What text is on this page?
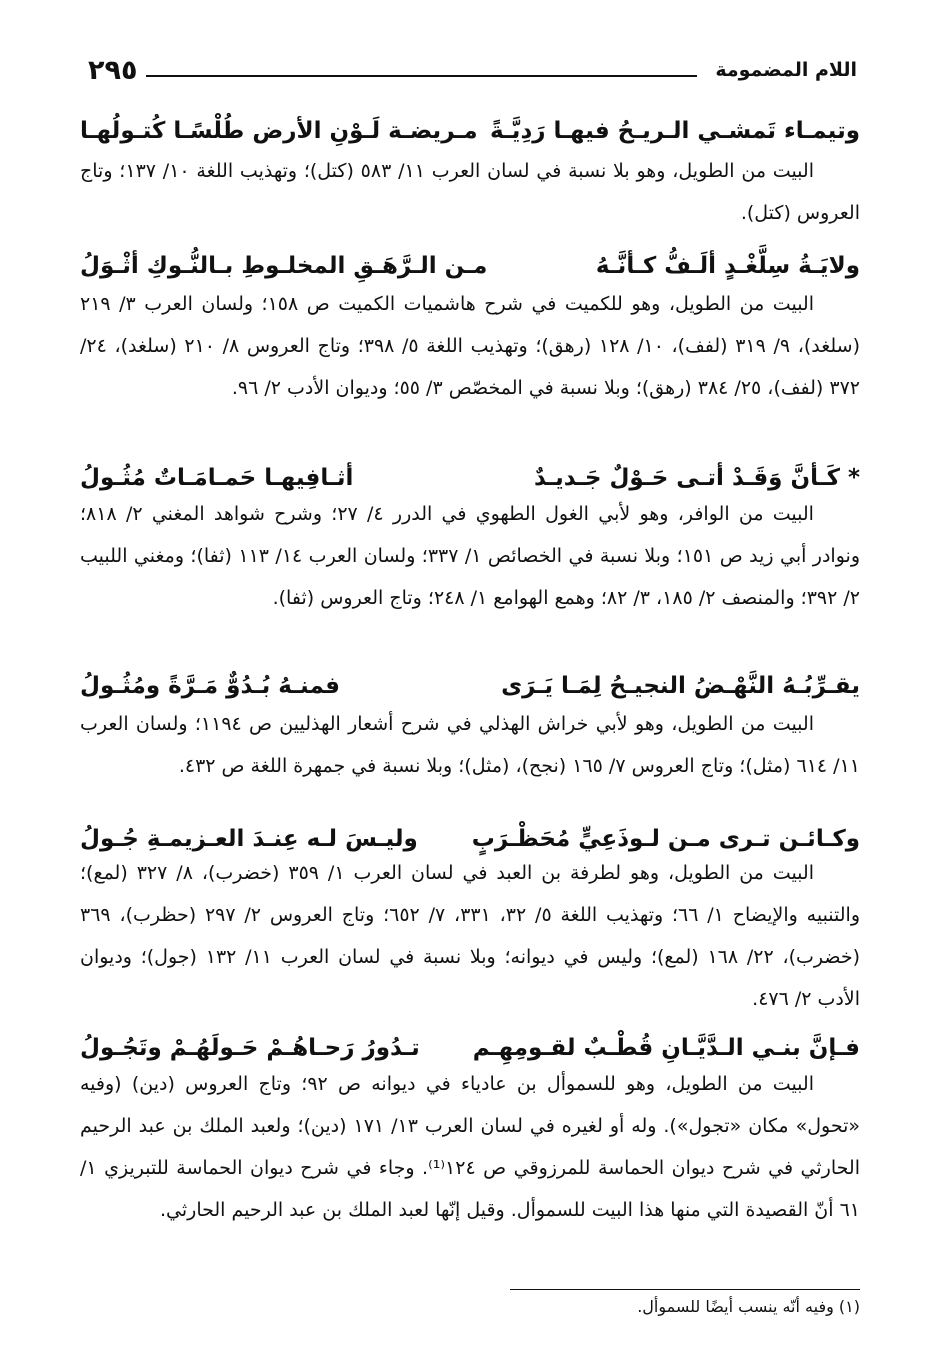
اللام المضمومة
٢٩٥
وتيمـاء تَمشـي الـريـحُ فيهـا رَدِيَّـةً
مـريضـة لَـوْنِ الأرض طُلْسًـا كُتـولُهـا
البيت من الطويل، وهو بلا نسبة في لسان العرب ١١/ ٥٨٣ (كتل)؛ وتهذيب اللغة ١٠/ ١٣٧؛ وتاج العروس (كتل).
ولايَـةُ سِلَّغْـدٍ ألَـفُّ كـأنَّـهُ
مـن الـرَّهَـقِ المخلـوطِ بـالنُّـوكِ أثْـوَلُ
البيت من الطويل، وهو للكميت في شرح هاشميات الكميت ص ١٥٨؛ ولسان العرب ٣/ ٢١٩ (سلغد)، ٩/ ٣١٩ (لفف)، ١٠/ ١٢٨ (رهق)؛ وتهذيب اللغة ٥/ ٣٩٨؛ وتاج العروس ٨/ ٢١٠ (سلغد)، ٢٤/ ٣٧٢ (لفف)، ٢٥/ ٣٨٤ (رهق)؛ وبلا نسبة في المخصّص ٣/ ٥٥؛ وديوان الأدب ٢/ ٩٦.
*كَـأنَّ وَقَـدْ أتـى حَـوْلٌ جَـديـدٌ
أثـافِيهـا حَمـامَـاتٌ مُثُـولُ
البيت من الوافر، وهو لأبي الغول الطهوي في الدرر ٤/ ٢٧؛ وشرح شواهد المغني ٢/ ٨١٨؛ ونوادر أبي زيد ص ١٥١؛ وبلا نسبة في الخصائص ١/ ٣٣٧؛ ولسان العرب ١٤/ ١١٣ (ثفا)؛ ومغني اللبيب ٢/ ٣٩٢؛ والمنصف ٢/ ١٨٥، ٣/ ٨٢؛ وهمع الهوامع ١/ ٢٤٨؛ وتاج العروس (ثفا).
يقـرِّبُـهُ النَّهْـضُ النجيـحُ لِمَـا يَـرَى
فمنـهُ بُـدُوٌّ مَـرَّةً ومُثُـولُ
البيت من الطويل، وهو لأبي خراش الهذلي في شرح أشعار الهذليين ص ١١٩٤؛ ولسان العرب ١١/ ٦١٤ (مثل)؛ وتاج العروس ٧/ ١٦٥ (نجح)، (مثل)؛ وبلا نسبة في جمهرة اللغة ص ٤٣٢.
وكـائـن تـرى مـن لـوذَعِيٍّ مُحَظْـرَبٍ
وليـسَ لـه عِنـدَ العـزيمـةِ جُـولُ
البيت من الطويل، وهو لطرفة بن العبد في لسان العرب ١/ ٣٥٩ (خضرب)، ٨/ ٣٢٧ (لمع)؛ والتنبيه والإيضاح ١/ ٦٦؛ وتهذيب اللغة ٥/ ٣٢، ٣٣١، ٧/ ٦٥٢؛ وتاج العروس ٢/ ٢٩٧ (حظرب)، ٣٦٩ (خضرب)، ٢٢/ ١٦٨ (لمع)؛ وليس في ديوانه؛ وبلا نسبة في لسان العرب ١١/ ١٣٢ (جول)؛ وديوان الأدب ٢/ ٤٧٦.
فـإنَّ بنـي الـدَّيَّـانِ قُطْـبٌ لقـومِهِـم
تـدُورُ رَحـاهُـمْ حَـولَهُـمْ وتَجُـولُ
البيت من الطويل، وهو للسموأل بن عادياء في ديوانه ص ٩٢؛ وتاج العروس (دين) (وفيه «تحول» مكان «تجول»). وله أو لغيره في لسان العرب ١٣/ ١٧١ (دين)؛ ولعبد الملك بن عبد الرحيم الحارثي في شرح ديوان الحماسة للمرزوقي ص ١٢٤⁽¹⁾. وجاء في شرح ديوان الحماسة للتبريزي ١/ ٦١ أنّ القصيدة التي منها هذا البيت للسموأل. وقيل إنّها لعبد الملك بن عبد الرحيم الحارثي.
(١) وفيه أنّه ينسب أيضًا للسموأل.
